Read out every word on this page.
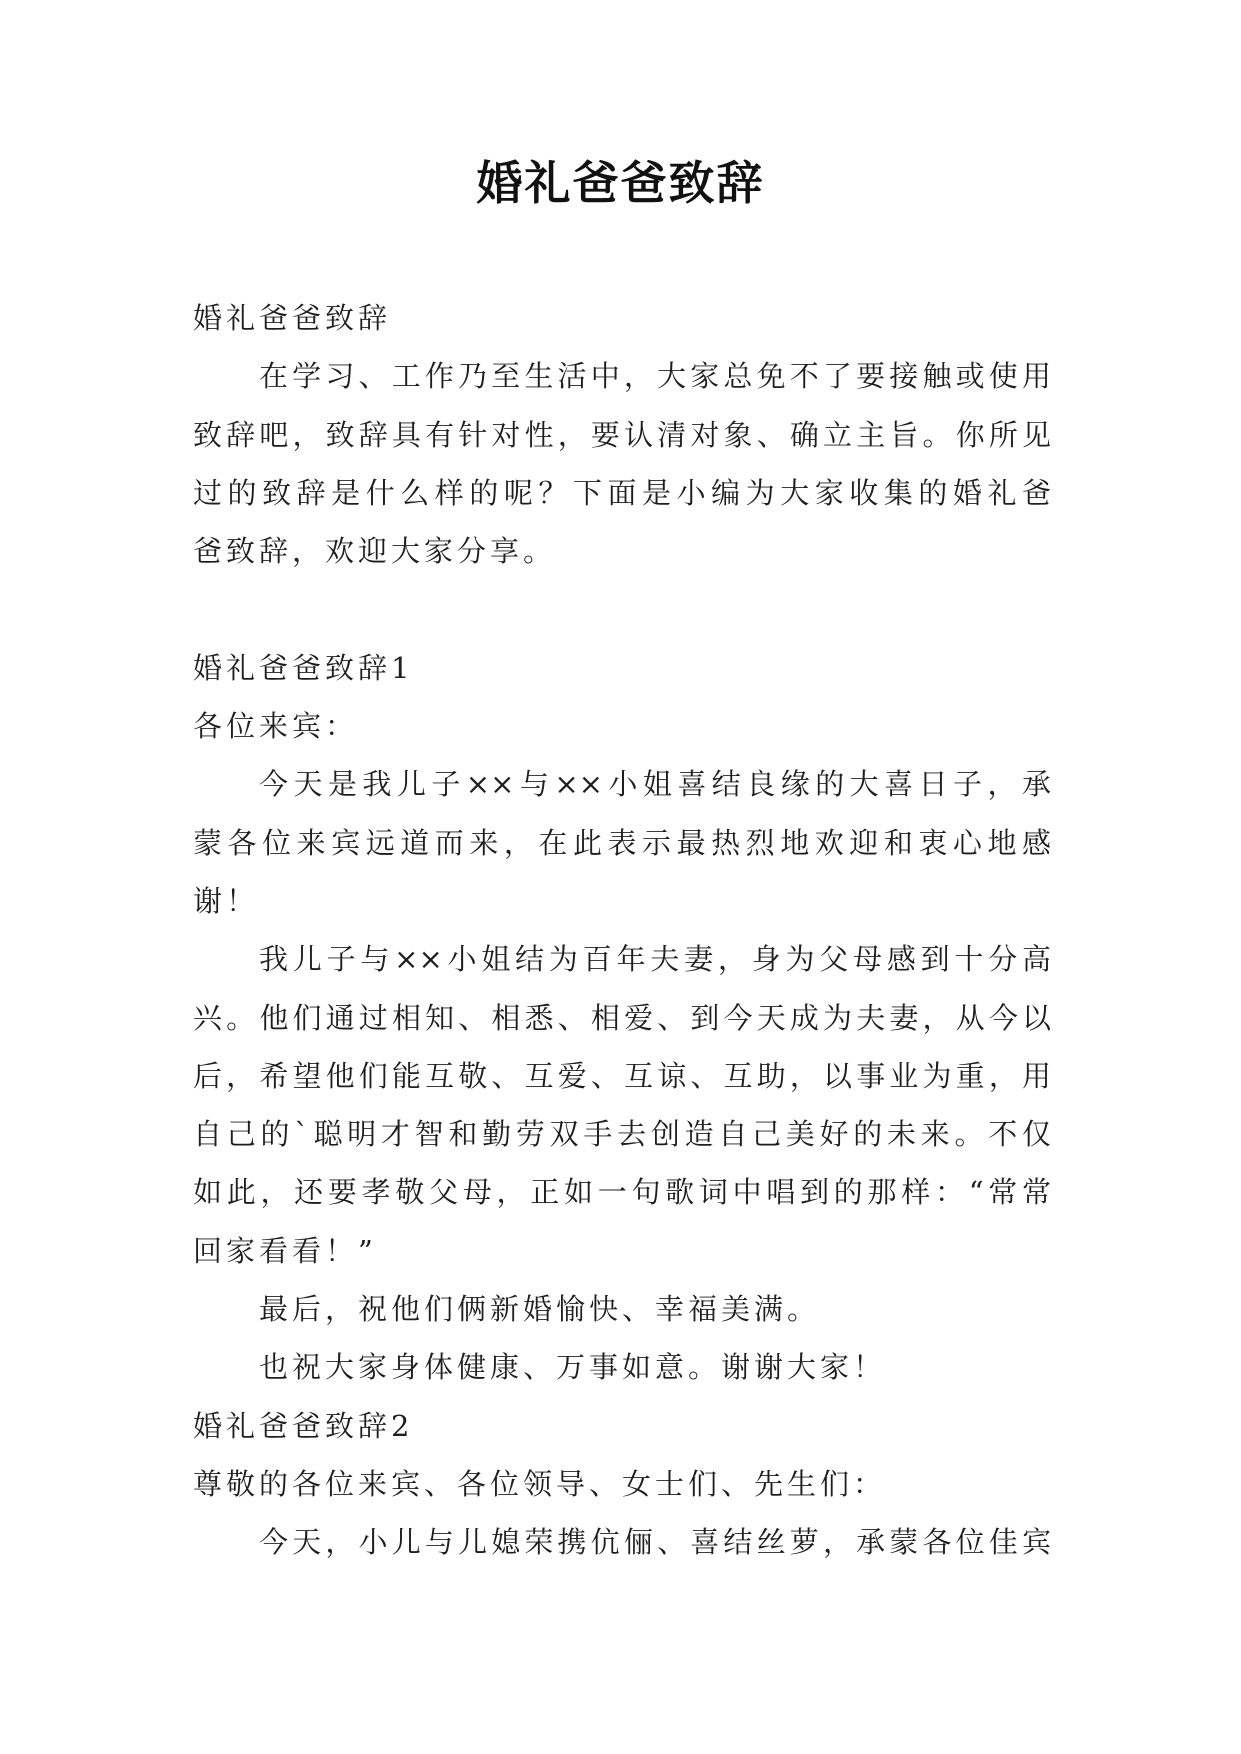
婚礼爸爸致辞
婚礼爸爸致辞
在学习、工作乃至生活中，大家总免不了要接触或使用
致辞吧，致辞具有针对性，要认清对象、确立主旨。你所见
过的致辞是什么样的呢？下面是小编为大家收集的婚礼爸
爸致辞，欢迎大家分享。
婚礼爸爸致辞1
各位来宾：
今天是我儿子××与××小姐喜结良缘的大喜日子，承
蒙各位来宾远道而来，在此表示最热烈地欢迎和衷心地感
谢！
我儿子与××小姐结为百年夫妻，身为父母感到十分高
兴。他们通过相知、相悉、相爱、到今天成为夫妻，从今以
后，希望他们能互敬、互爱、互谅、互助，以事业为重，用
自己的`聪明才智和勤劳双手去创造自己美好的未来。不仅
如此，还要孝敬父母，正如一句歌词中唱到的那样：“常常
回家看看！”
最后，祝他们俩新婚愉快、幸福美满。
也祝大家身体健康、万事如意。谢谢大家！
婚礼爸爸致辞2
尊敬的各位来宾、各位领导、女士们、先生们：
今天，小儿与儿媳荣携伉俪、喜结丝萝，承蒙各位佳宾
